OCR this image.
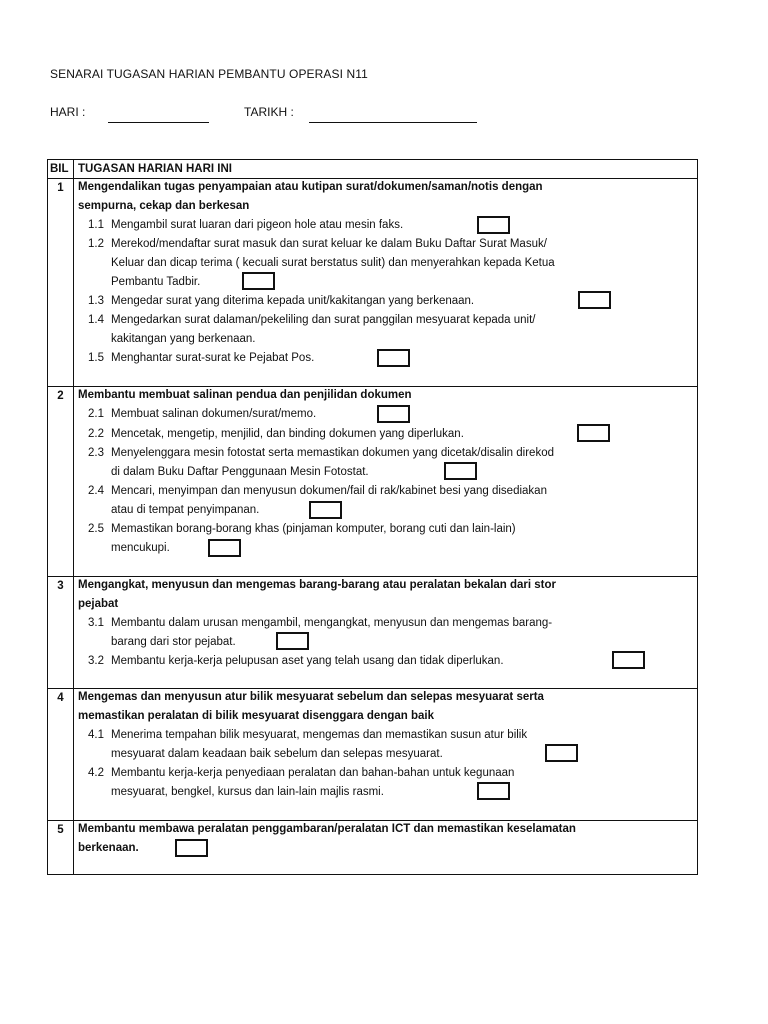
SENARAI TUGASAN HARIAN PEMBANTU OPERASI N11
HARI :	TARIKH :
BIL TUGASAN HARIAN HARI INI
1	Mengendalikan tugas penyampaian atau kutipan surat/dokumen/saman/notis dengan
sempurna, cekap dan berkesan
1.1 Mengambil surat luaran dari pigeon hole atau mesin faks.
1.2 Merekod/mendaftar surat masuk dan surat keluar ke dalam Buku Daftar Surat Masuk/
Keluar dan dicap terima ( kecuali surat berstatus sulit) dan menyerahkan kepada Ketua
Pembantu Tadbir.
1.3 Mengedar surat yang diterima kepada unit/kakitangan yang berkenaan.
1.4 Mengedarkan surat dalaman/pekeliling dan surat panggilan mesyuarat kepada unit/
kakitangan yang berkenaan.
1.5 Menghantar surat-surat ke Pejabat Pos.
2	Membantu membuat salinan pendua dan penjilidan dokumen
2.1 Membuat salinan dokumen/surat/memo.
2.2 Mencetak, mengetip, menjilid, dan binding dokumen yang diperlukan.
2.3 Menyelenggara mesin fotostat serta memastikan dokumen yang dicetak/disalin direkod
di dalam Buku Daftar Penggunaan Mesin Fotostat.
2.4 Mencari, menyimpan dan menyusun dokumen/fail di rak/kabinet besi yang disediakan
atau di tempat penyimpanan.
2.5 Memastikan borang-borang khas (pinjaman komputer, borang cuti dan lain-lain)
mencukupi.
3	Mengangkat, menyusun dan mengemas barang-barang atau peralatan bekalan dari stor
pejabat
3.1 Membantu dalam urusan mengambil, mengangkat, menyusun dan mengemas barang-
barang dari stor pejabat.
3.2 Membantu kerja-kerja pelupusan aset yang telah usang dan tidak diperlukan.
4	Mengemas dan menyusun atur bilik mesyuarat sebelum dan selepas mesyuarat serta
memastikan peralatan di bilik mesyuarat disenggara dengan baik
4.1 Menerima tempahan bilik mesyuarat, mengemas dan memastikan susun atur bilik
mesyuarat dalam keadaan baik sebelum dan selepas mesyuarat.
4.2 Membantu kerja-kerja penyediaan peralatan dan bahan-bahan untuk kegunaan
mesyuarat, bengkel, kursus dan lain-lain majlis rasmi.
5	Membantu membawa peralatan penggambaran/peralatan ICT dan memastikan keselamatan
berkenaan.
